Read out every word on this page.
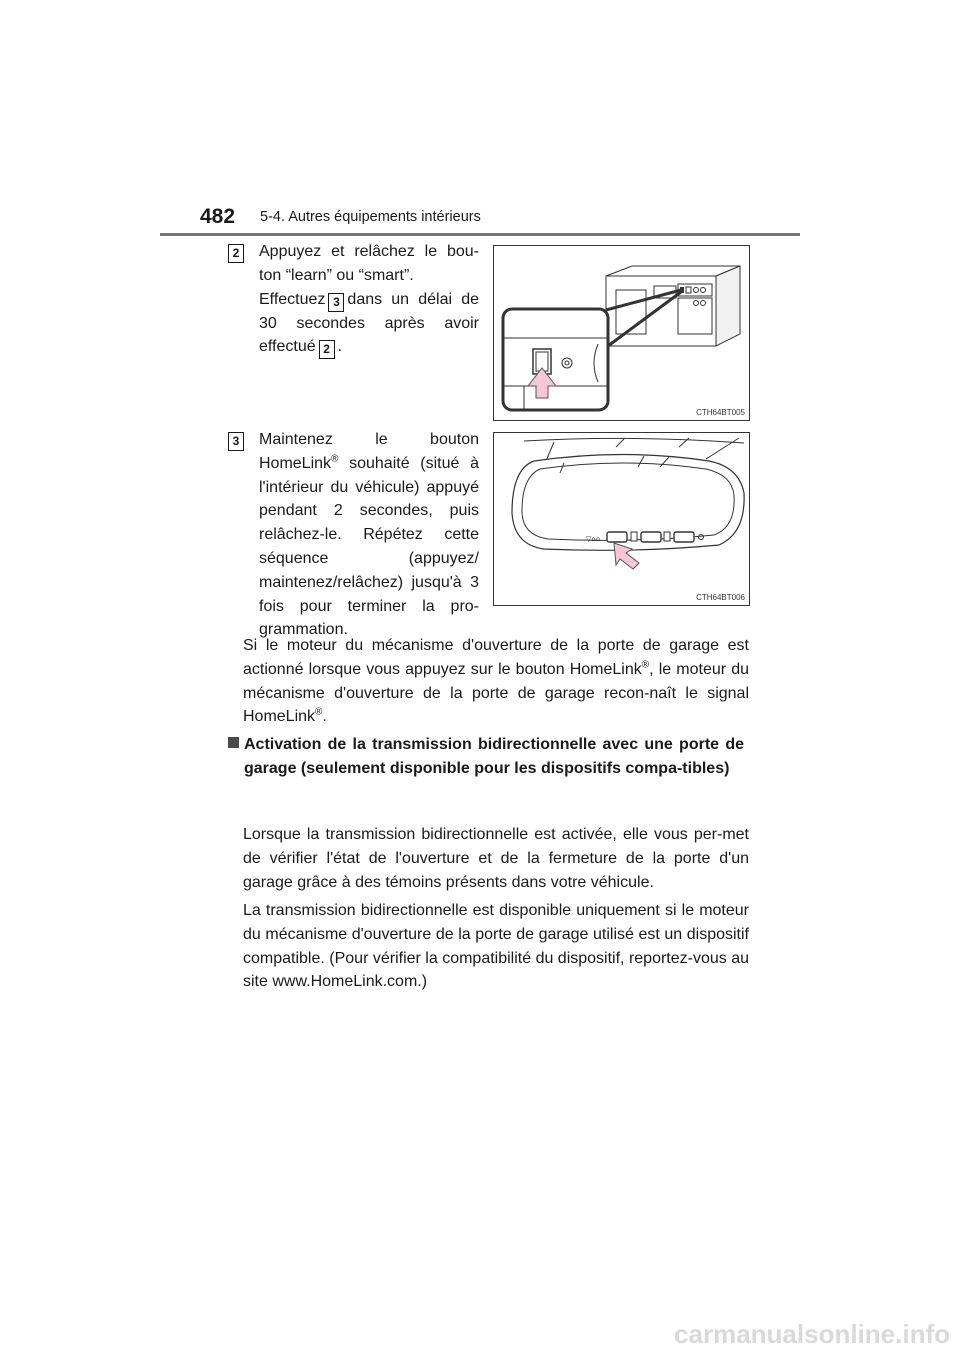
482 5-4. Autres équipements intérieurs
2 Appuyez et relâchez le bou-ton “learn” ou “smart”.

Effectuez 3 dans un délai de 30 secondes après avoir effectué 2 .

CTH64BT005
3 Maintenez le bouton HomeLink® souhaité (situé à l'intérieur du véhicule) appuyé pendant 2 secondes, puis relâchez-le. Répétez cette séquence (appuyez/ maintenez/relâchez) jusqu'à 3 fois pour terminer la pro-grammation.

▽⌂⌂
CTH64BT006

Si le moteur du mécanisme d'ouverture de la porte de garage est actionné lorsque vous appuyez sur le bouton HomeLink®, le moteur du mécanisme d'ouverture de la porte de garage recon-naît le signal HomeLink®.

Activation de la transmission bidirectionnelle avec une porte de garage (seulement disponible pour les dispositifs compa-tibles)

Lorsque la transmission bidirectionnelle est activée, elle vous per-met de vérifier l'état de l'ouverture et de la fermeture de la porte d'un garage grâce à des témoins présents dans votre véhicule.

La transmission bidirectionnelle est disponible uniquement si le moteur du mécanisme d'ouverture de la porte de garage utilisé est un dispositif compatible. (Pour vérifier la compatibilité du dispositif, reportez-vous au site www.HomeLink.com.)

carmanualsonline.info
